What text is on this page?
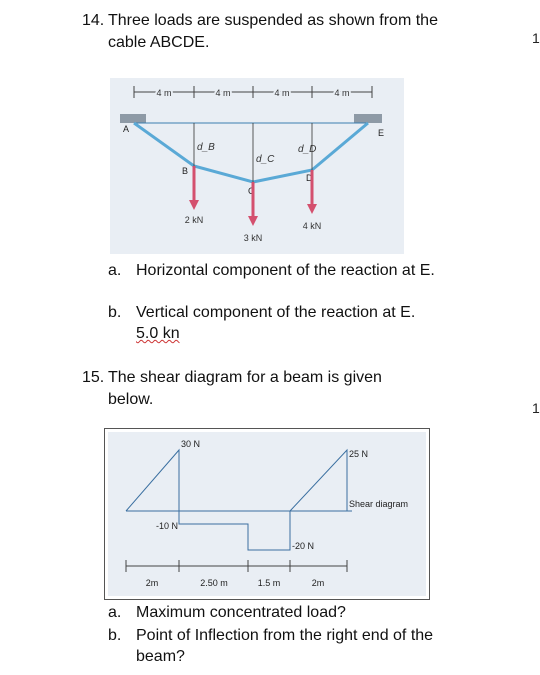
14. Three loads are suspended as shown from the cable ABCDE.	1
4 m	4 m	4 m	4 m
d_B
d_C
d_D
A
B
C
D
E
2 kN
3 kN
4 kN
a. Horizontal component of the reaction at E.
b. Vertical component of the reaction at E.
5.0 kn
15. The shear diagram for a beam is given below.	1
30 N
25 N
-10 N
-20 N
Shear diagram
2m	2.50 m	1.5 m	2m
a. Maximum concentrated load?
b. Point of Inflection from the right end of the beam?
